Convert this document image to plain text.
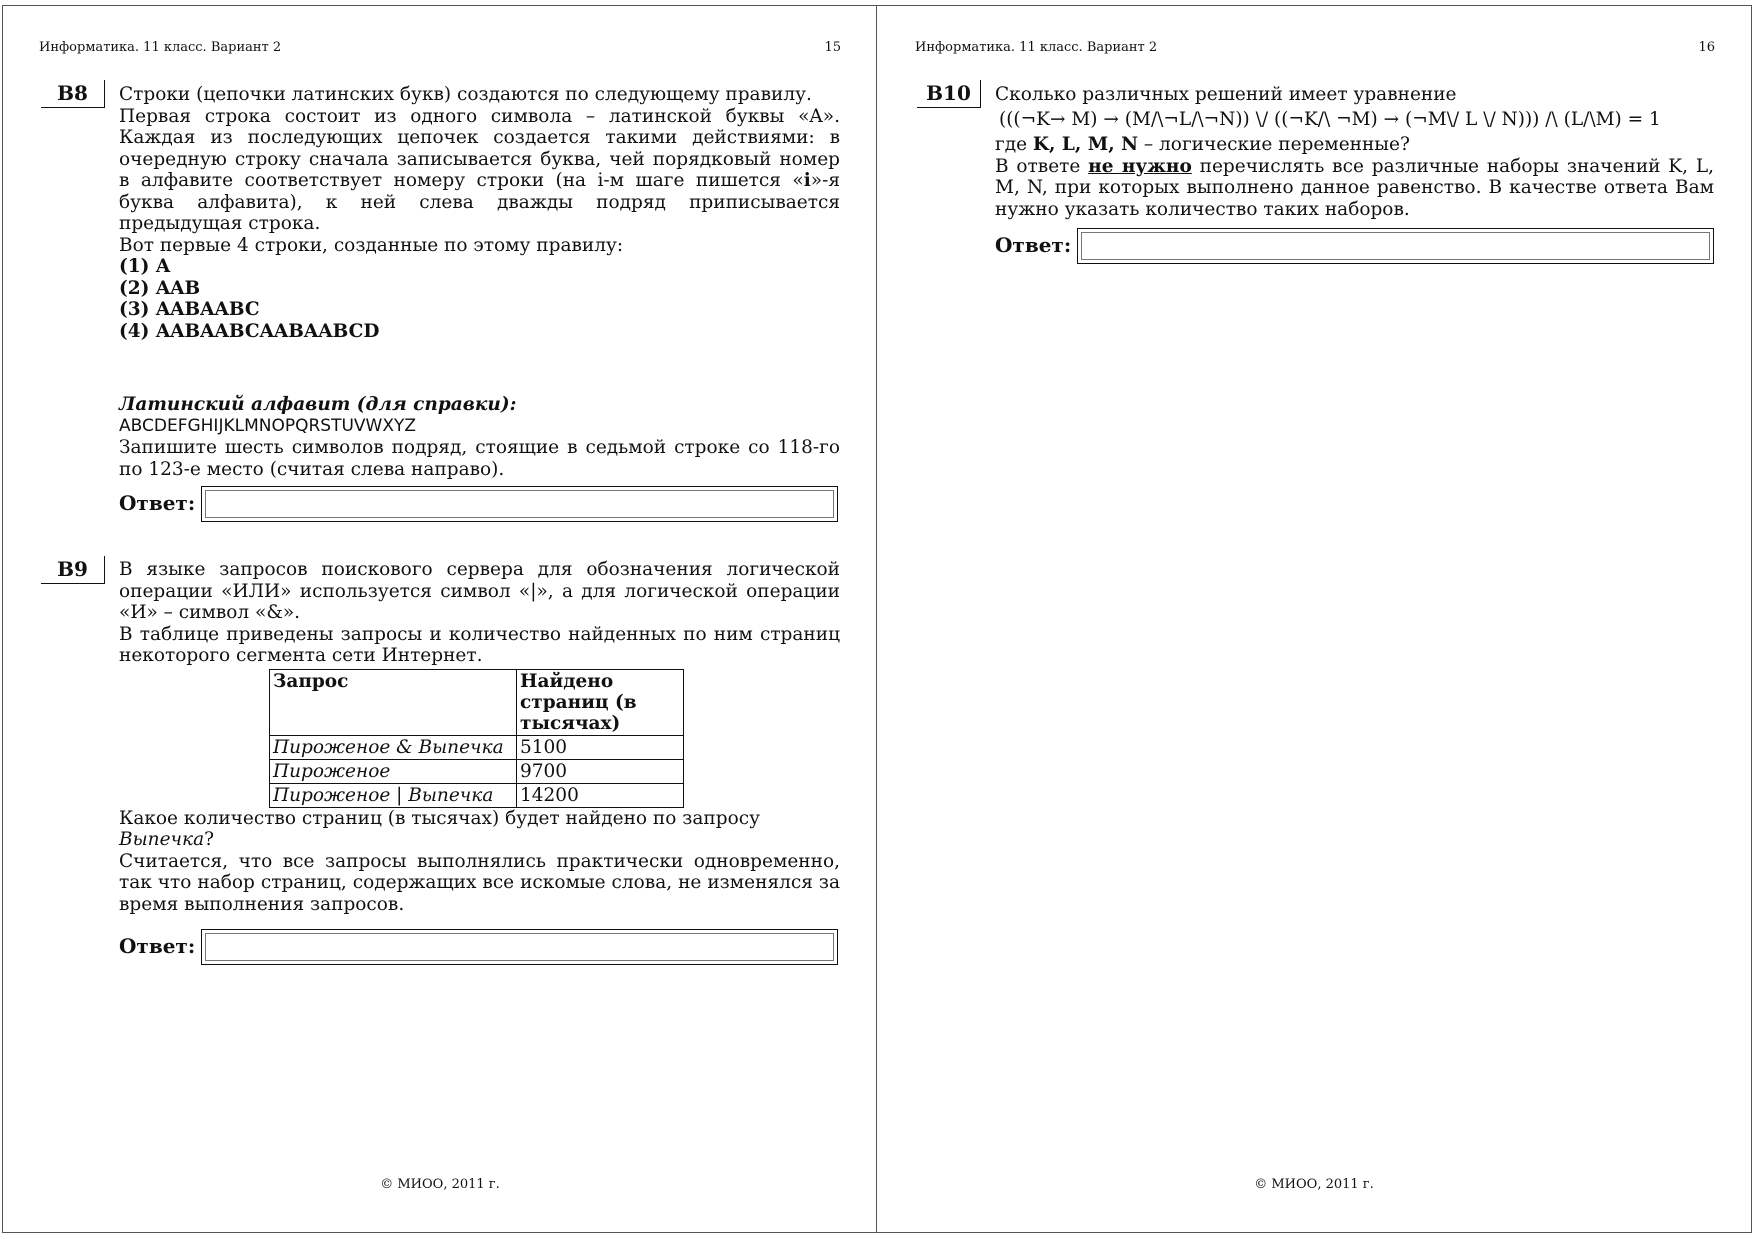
Информатика. 11 класс. Вариант 2	15
B8	Строки (цепочки латинских букв) создаются по следующему правилу.

Первая строка состоит из одного символа – латинской буквы «A». Каждая из последующих цепочек создается такими действиями: в очередную строку сначала записывается буква, чей порядковый номер в алфавите соответствует номеру строки (на i-м шаге пишется «i»-я буква алфавита), к ней слева дважды подряд приписывается предыдущая строка.

Вот первые 4 строки, созданные по этому правилу:

(1) A
(2) AAB
(3) AABAABC
(4) AABAABCAABAABCD

Латинский алфавит (для справки):

ABCDEFGHIJKLMNOPQRSTUVWXYZ

Запишите шесть символов подряд, стоящие в седьмой строке со 118-го по 123-е место (считая слева направо).

Ответ:
B9	В языке запросов поискового сервера для обозначения логической операции «ИЛИ» используется символ «|», а для логической операции «И» – символ «&».

В таблице приведены запросы и количество найденных по ним страниц некоторого сегмента сети Интернет.

Запрос	Найдено страниц (в тысячах)
Пироженое & Выпечка	5100
Пироженое	9700
Пироженое | Выпечка	14200

Какое количество страниц (в тысячах) будет найдено по запросу
Выпечка?

Считается, что все запросы выполнялись практически одновременно, так что набор страниц, содержащих все искомые слова, не изменялся за время выполнения запросов.

Ответ:
© МИОО, 2011 г.
Информатика. 11 класс. Вариант 2	16
B10	Сколько различных решений имеет уравнение

(((¬K→ M) → (M/\¬L/\¬N)) \/ ((¬K/\ ¬M) → (¬M\/ L \/ N))) /\ (L/\M) = 1

где K, L, M, N – логические переменные?

В ответе не нужно перечислять все различные наборы значений K, L, M, N, при которых выполнено данное равенство. В качестве ответа Вам нужно указать количество таких наборов.

Ответ:
© МИОО, 2011 г.
